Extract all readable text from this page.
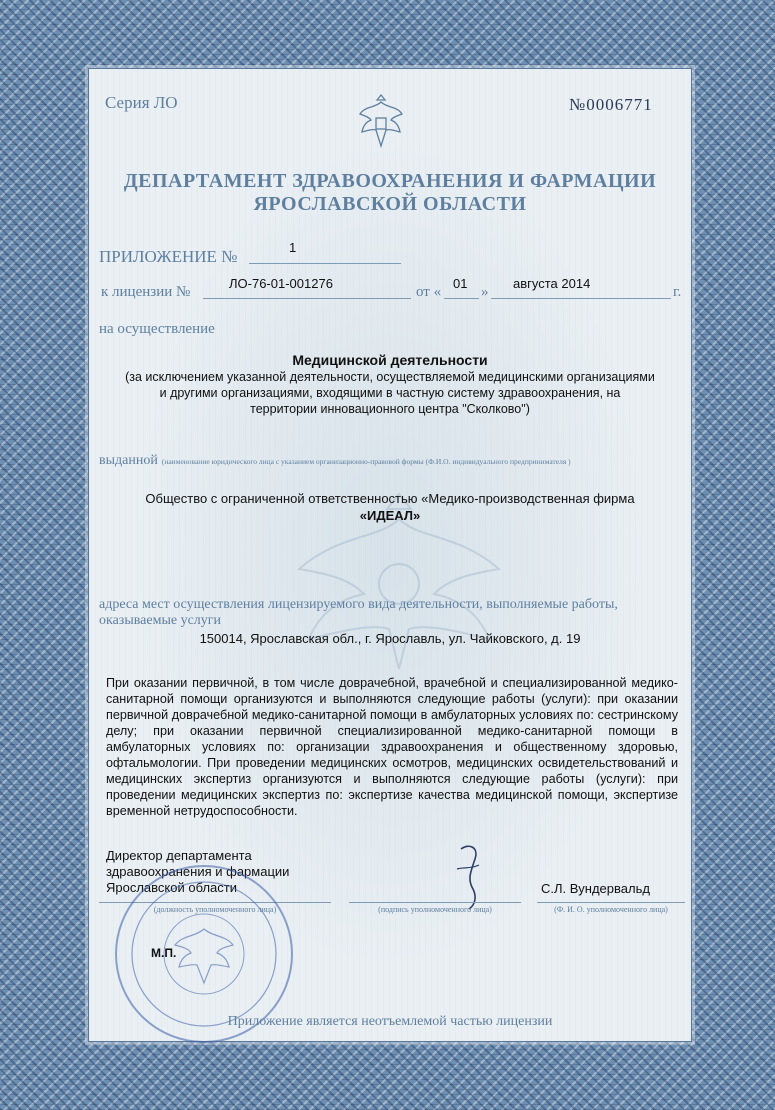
Серия ЛО	№0006771
ДЕПАРТАМЕНТ ЗДРАВООХРАНЕНИЯ И ФАРМАЦИИ
ЯРОСЛАВСКОЙ ОБЛАСТИ
ПРИЛОЖЕНИЕ №	1
к лицензии №
ЛО-76-01-001276
от «
01
»
августа 2014
г.
на осуществление
Медицинской деятельности
(за исключением указанной деятельности, осуществляемой медицинскими организациями
и другими организациями, входящими в частную систему здравоохранения, на
территории инновационного центра "Сколково")
выданной (наименование юридического лица с указанием организационно-правовой формы (Ф.И.О. индивидуального предпринимателя )
Общество с ограниченной ответственностью «Медико-производственная фирма
«ИДЕАЛ»
адреса мест осуществления лицензируемого вида деятельности, выполняемые работы, оказываемые услуги
150014, Ярославская обл., г. Ярославль, ул. Чайковского, д. 19
При оказании первичной, в том числе доврачебной, врачебной и специализированной медико-санитарной помощи организуются и выполняются следующие работы (услуги): при оказании первичной доврачебной медико-санитарной помощи в амбулаторных условиях по: сестринскому делу; при оказании первичной специализированной медико-санитарной помощи в амбулаторных условиях по: организации здравоохранения и общественному здоровью, офтальмологии. При проведении медицинских осмотров, медицинских освидетельствований и медицинских экспертиз организуются и выполняются следующие работы (услуги): при проведении медицинских экспертиз по: экспертизе качества медицинской помощи, экспертизе временной нетрудоспособности.
Директор департамента
здравоохранения и фармации
Ярославской области	С.Л. Вундервальд
(должность уполномоченного лица)	(подпись уполномоченного лица)	(Ф. И. О. уполномоченного лица)
М.П.
Приложение является неотъемлемой частью лицензии
